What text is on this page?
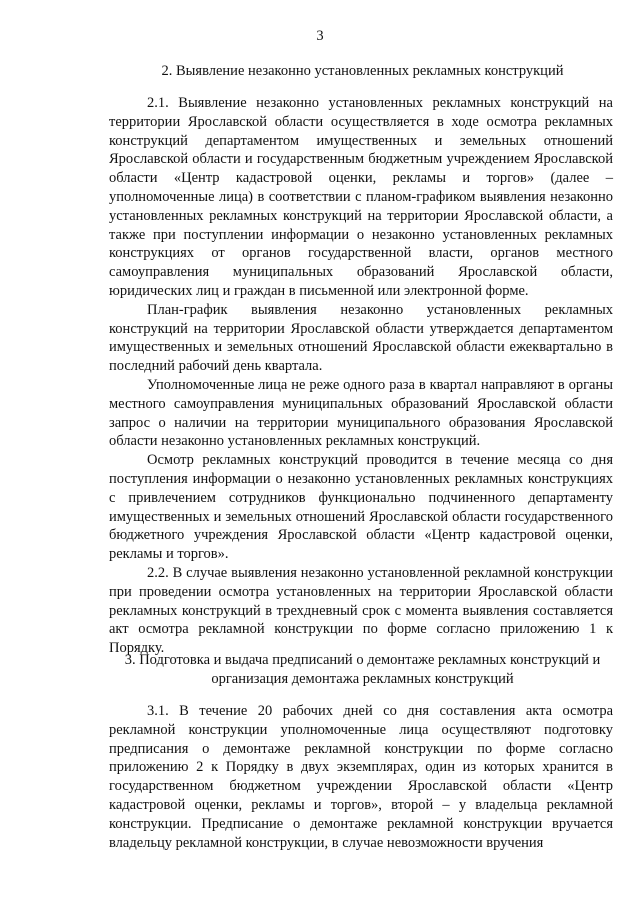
3
2. Выявление незаконно установленных рекламных конструкций

2.1. Выявление незаконно установленных рекламных конструкций на территории Ярославской области осуществляется в ходе осмотра рекламных конструкций департаментом имущественных и земельных отношений Ярославской области и государственным бюджетным учреждением Ярославской области «Центр кадастровой оценки, рекламы и торгов» (далее – уполномоченные лица) в соответствии с планом-графиком выявления незаконно установленных рекламных конструкций на территории Ярославской области, а также при поступлении информации о незаконно установленных рекламных конструкциях от органов государственной власти, органов местного самоуправления муниципальных образований Ярославской области, юридических лиц и граждан в письменной или электронной форме.

План-график выявления незаконно установленных рекламных конструкций на территории Ярославской области утверждается департаментом имущественных и земельных отношений Ярославской области ежеквартально в последний рабочий день квартала.

Уполномоченные лица не реже одного раза в квартал направляют в органы местного самоуправления муниципальных образований Ярославской области запрос о наличии на территории муниципального образования Ярославской области незаконно установленных рекламных конструкций.

Осмотр рекламных конструкций проводится в течение месяца со дня поступления информации о незаконно установленных рекламных конструкциях с привлечением сотрудников функционально подчиненного департаменту имущественных и земельных отношений Ярославской области государственного бюджетного учреждения Ярославской области «Центр кадастровой оценки, рекламы и торгов».

2.2. В случае выявления незаконно установленной рекламной конструкции при проведении осмотра установленных на территории Ярославской области рекламных конструкций в трехдневный срок с момента выявления составляется акт осмотра рекламной конструкции по форме согласно приложению 1 к Порядку.

3. Подготовка и выдача предписаний о демонтаже рекламных конструкций и организация демонтажа рекламных конструкций

3.1. В течение 20 рабочих дней со дня составления акта осмотра рекламной конструкции уполномоченные лица осуществляют подготовку предписания о демонтаже рекламной конструкции по форме согласно приложению 2 к Порядку в двух экземплярах, один из которых хранится в государственном бюджетном учреждении Ярославской области «Центр кадастровой оценки, рекламы и торгов», второй – у владельца рекламной конструкции. Предписание о демонтаже рекламной конструкции вручается владельцу рекламной конструкции, в случае невозможности вручения
